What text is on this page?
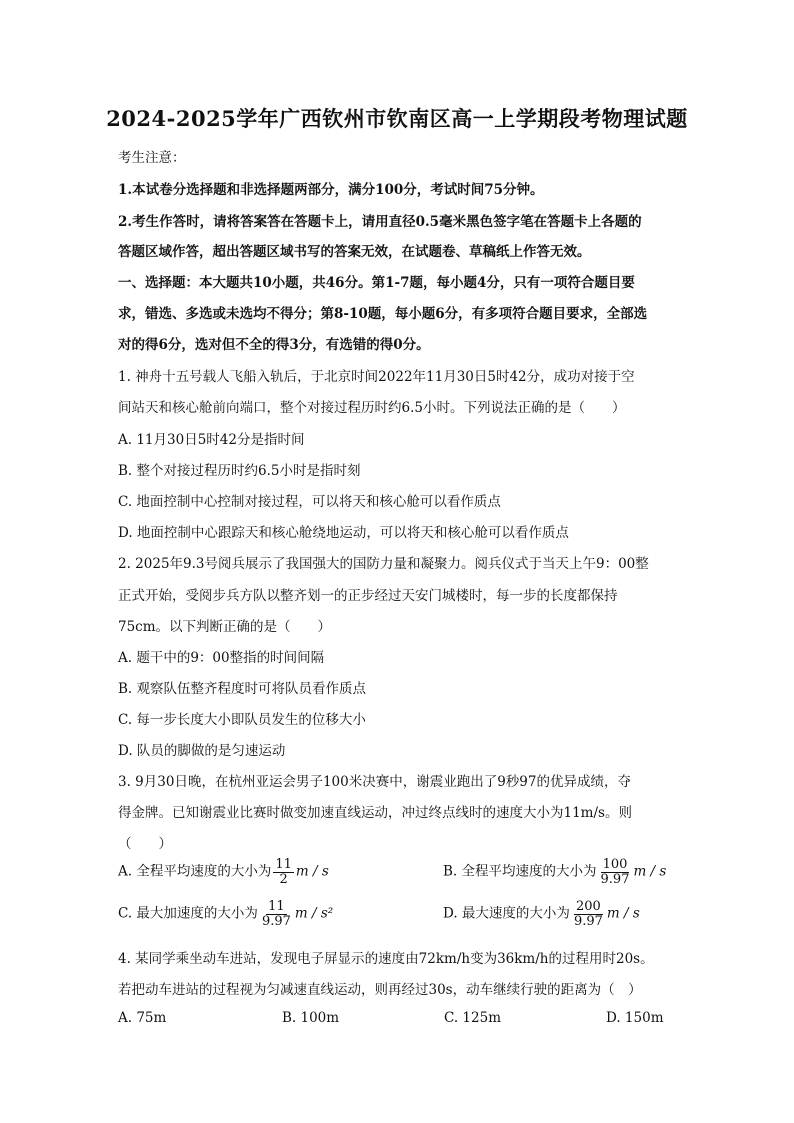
2024-2025学年广西钦州市钦南区高一上学期段考物理试题
考生注意：
1.本试卷分选择题和非选择题两部分，满分100分，考试时间75分钟。
2.考生作答时，请将答案答在答题卡上，请用直径0.5毫米黑色签字笔在答题卡上各题的
答题区域作答，超出答题区域书写的答案无效，在试题卷、草稿纸上作答无效。
一、选择题：本大题共10小题，共46分。第1-7题，每小题4分，只有一项符合题目要
求，错选、多选或未选均不得分；第8-10题，每小题6分，有多项符合题目要求，全部选
对的得6分，选对但不全的得3分，有选错的得0分。
1. 神舟十五号载人飞船入轨后，于北京时间2022年11月30日5时42分，成功对接于空
间站天和核心舱前向端口，整个对接过程历时约6.5小时。下列说法正确的是（　　）
A. 11月30日5时42分是指时间
B. 整个对接过程历时约6.5小时是指时刻
C. 地面控制中心控制对接过程，可以将天和核心舱可以看作质点
D. 地面控制中心跟踪天和核心舱绕地运动，可以将天和核心舱可以看作质点
2. 2025年9.3号阅兵展示了我国强大的国防力量和凝聚力。阅兵仪式于当天上午9：00整
正式开始，受阅步兵方队以整齐划一的正步经过天安门城楼时，每一步的长度都保持
75cm。以下判断正确的是（　　）
A. 题干中的9：00整指的时间间隔
B. 观察队伍整齐程度时可将队员看作质点
C. 每一步长度大小即队员发生的位移大小
D. 队员的脚做的是匀速运动
3. 9月30日晚，在杭州亚运会男子100米决赛中，谢震业跑出了9秒97的优异成绩，夺
得金牌。已知谢震业比赛时做变加速直线运动，冲过终点线时的速度大小为11m/s。则
（　　）
A. 全程平均速度的大小为 $\frac{11}{2}$ m / s	B. 全程平均速度的大小为 $\frac{100}{9.97}$ m / s
C. 最大加速度的大小为 $\frac{11}{9.97}$ m / s²	D. 最大速度的大小为 $\frac{200}{9.97}$ m / s
4. 某同学乘坐动车进站，发现电子屏显示的速度由72km/h变为36km/h的过程用时20s。
若把动车进站的过程视为匀减速直线运动，则再经过30s，动车继续行驶的距离为（　）
A. 75m	B. 100m	C. 125m	D. 150m
